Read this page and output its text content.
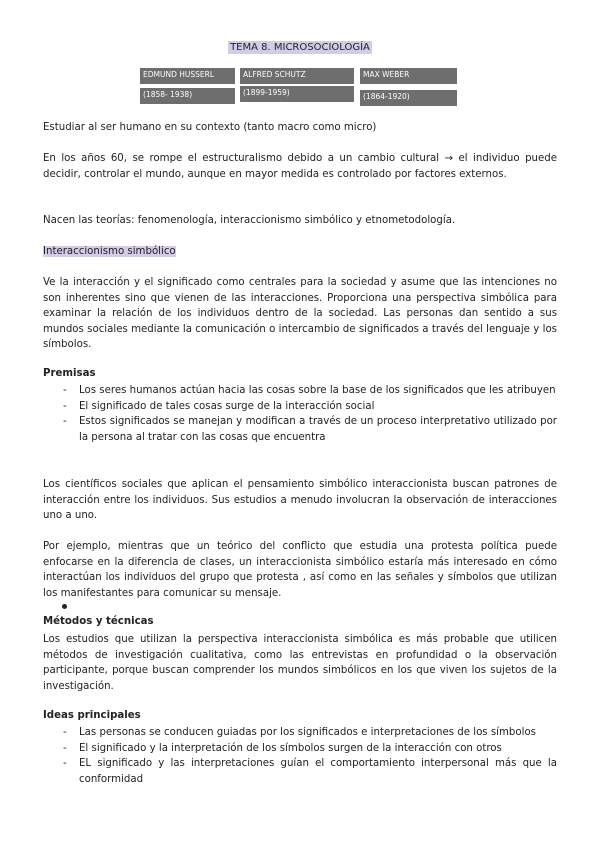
TEMA 8. MICROSOCIOLOGÍA
EDMUND HUSSERL
(1858- 1938)
ALFRED SCHUTZ
(1899-1959)
MAX WEBER
(1864-1920)

Estudiar al ser humano en su contexto (tanto macro como micro)

En los años 60, se rompe el estructuralismo debido a un cambio cultural → el individuo puede decidir, controlar el mundo, aunque en mayor medida es controlado por factores externos.

Nacen las teorías: fenomenología, interaccionismo simbólico y etnometodología.

Interaccionismo simbólico

Ve la interacción y el significado como centrales para la sociedad y asume que las intenciones no son inherentes sino que vienen de las interacciones. Proporciona una perspectiva simbólica para examinar la relación de los individuos dentro de la sociedad. Las personas dan sentido a sus mundos sociales mediante la comunicación o intercambio de significados a través del lenguaje y los símbolos.

Premisas

- Los seres humanos actúan hacia las cosas sobre la base de los significados que les atribuyen
- El significado de tales cosas surge de la interacción social
- Estos significados se manejan y modifican a través de un proceso interpretativo utilizado por la persona al tratar con las cosas que encuentra

Los científicos sociales que aplican el pensamiento simbólico interaccionista buscan patrones de interacción entre los individuos. Sus estudios a menudo involucran la observación de interacciones uno a uno.

Por ejemplo, mientras que un teórico del conflicto que estudia una protesta política puede enfocarse en la diferencia de clases, un interaccionista simbólico estaría más interesado en cómo interactúan los individuos del grupo que protesta , así como en las señales y símbolos que utilizan los manifestantes para comunicar su mensaje.

Métodos y técnicas

Los estudios que utilizan la perspectiva interaccionista simbólica es más probable que utilicen métodos de investigación cualitativa, como las entrevistas en profundidad o la observación participante, porque buscan comprender los mundos simbólicos en los que viven los sujetos de la investigación.

Ideas principales

- Las personas se conducen guiadas por los significados e interpretaciones de los símbolos
- El significado y la interpretación de los símbolos surgen de la interacción con otros
- EL significado y las interpretaciones guían el comportamiento interpersonal más que la conformidad
